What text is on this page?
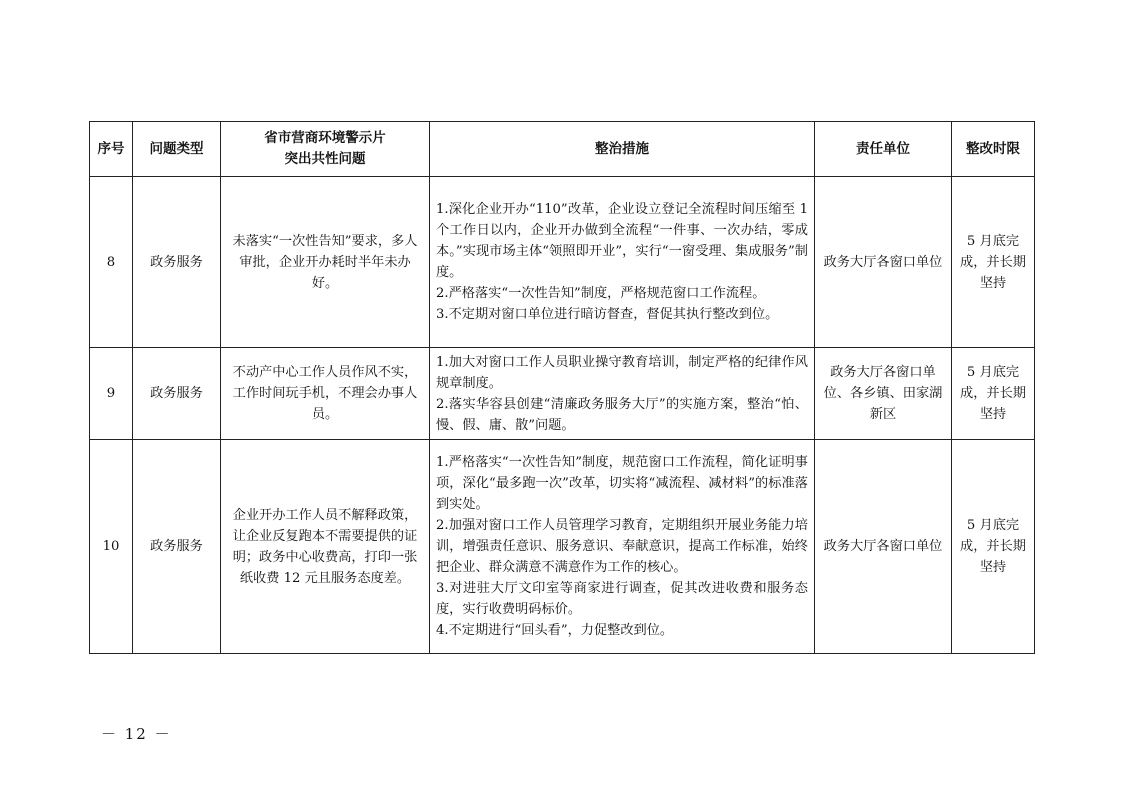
序号	问题类型	省市营商环境警示片
突出共性问题	整治措施	责任单位	整改时限
8	政务服务	未落实“一次性告知”要求，多人审批，企业开办耗时半年未办好。	1.深化企业开办“110”改革，企业设立登记全流程时间压缩至 1 个工作日以内，企业开办做到全流程“一件事、一次办结，零成本。”实现市场主体“领照即开业”，实行“一窗受理、集成服务”制度。
2.严格落实“一次性告知”制度，严格规范窗口工作流程。
3.不定期对窗口单位进行暗访督查，督促其执行整改到位。	政务大厅各窗口单位	5 月底完成，并长期坚持
9	政务服务	不动产中心工作人员作风不实，工作时间玩手机，不理会办事人员。	1.加大对窗口工作人员职业操守教育培训，制定严格的纪律作风规章制度。
2.落实华容县创建“清廉政务服务大厅”的实施方案，整治“怕、慢、假、庸、散”问题。	政务大厅各窗口单位、各乡镇、田家湖新区	5 月底完成，并长期坚持
10	政务服务	企业开办工作人员不解释政策，让企业反复跑本不需要提供的证明；政务中心收费高，打印一张纸收费 12 元且服务态度差。	1.严格落实“一次性告知”制度，规范窗口工作流程，简化证明事项，深化“最多跑一次”改革，切实将“减流程、减材料”的标准落到实处。
2.加强对窗口工作人员管理学习教育，定期组织开展业务能力培训，增强责任意识、服务意识、奉献意识，提高工作标准，始终把企业、群众满意不满意作为工作的核心。
3.对进驻大厅文印室等商家进行调查，促其改进收费和服务态度，实行收费明码标价。
4.不定期进行“回头看”，力促整改到位。	政务大厅各窗口单位	5 月底完成，并长期坚持
－ 12 －
